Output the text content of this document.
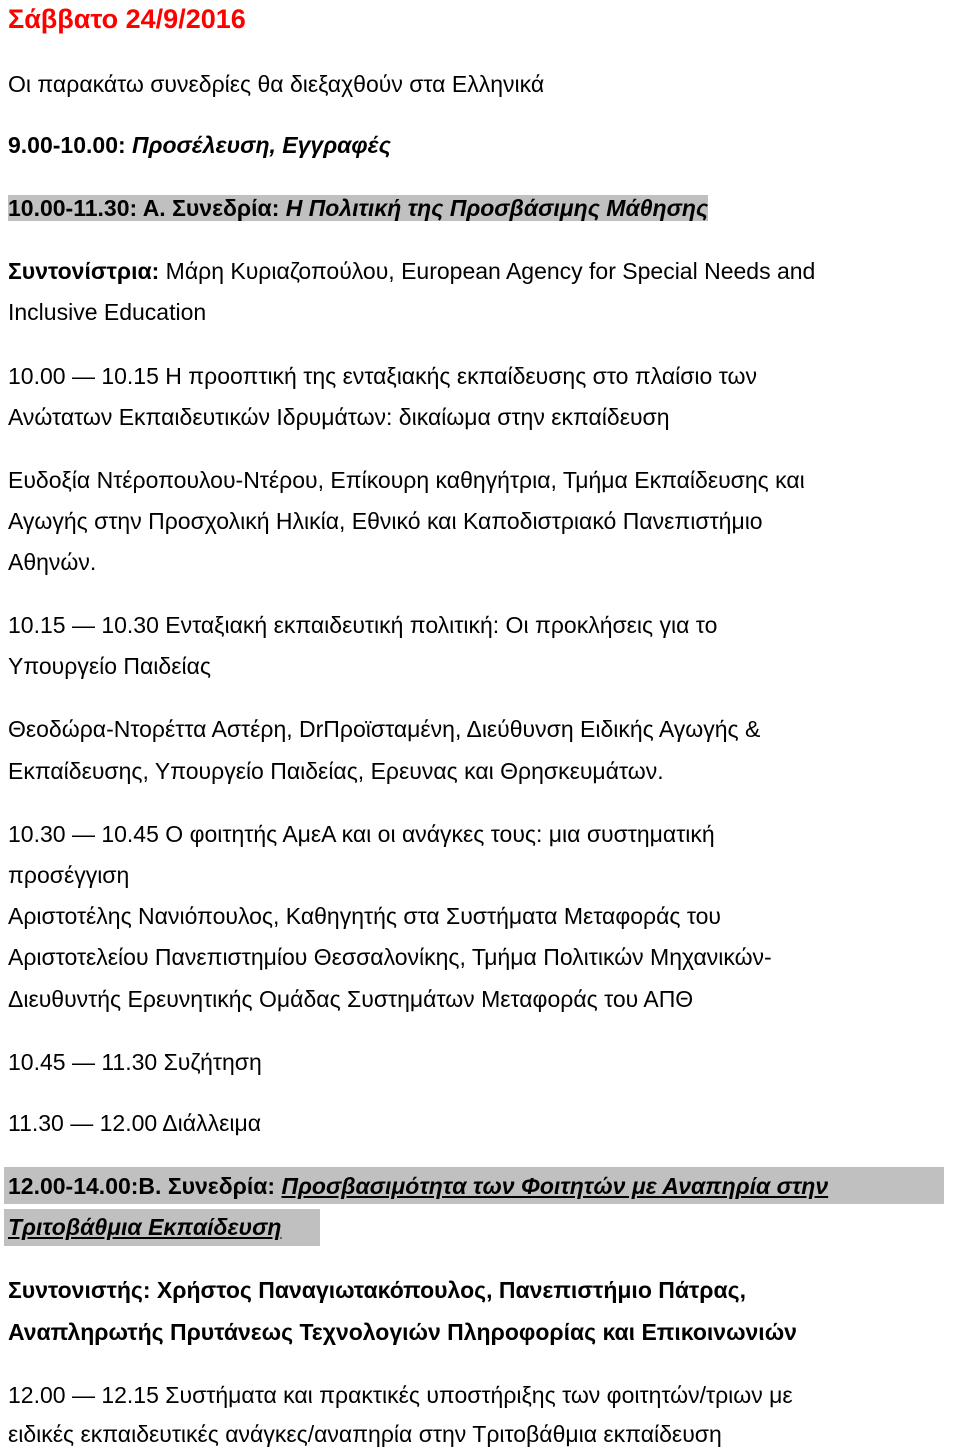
Σάββατο 24/9/2016
Οι παρακάτω συνεδρίες θα διεξαχθούν στα Ελληνικά
9.00-10.00: Προσέλευση, Εγγραφές
10.00-11.30: Α. Συνεδρία: Η Πολιτική της Προσβάσιμης Μάθησης
Συντονίστρια: Μάρη Κυριαζοπούλου, European Agency for Special Needs and
Inclusive Education
10.00 — 10.15 Η προοπτική της ενταξιακής εκπαίδευσης στο πλαίσιο των
Ανώτατων Εκπαιδευτικών Ιδρυμάτων: δικαίωμα στην εκπαίδευση
Ευδοξία Ντέροπουλου-Ντέρου, Επίκουρη καθηγήτρια, Τμήμα Εκπαίδευσης και
Αγωγής στην Προσχολική Ηλικία, Εθνικό και Καποδιστριακό Πανεπιστήμιο
Αθηνών.
10.15 — 10.30 Ενταξιακή εκπαιδευτική πολιτική: Οι προκλήσεις για το
Υπουργείο Παιδείας
Θεοδώρα-Ντορέττα Αστέρη, DrΠροϊσταμένη, Διεύθυνση Ειδικής Αγωγής &
Εκπαίδευσης, Υπουργείο Παιδείας, Ερευνας και Θρησκευμάτων.
10.30 — 10.45 Ο φοιτητής ΑμεΑ και οι ανάγκες τους: μια συστηματική
προσέγγιση
Αριστοτέλης Νανιόπουλος, Καθηγητής στα Συστήματα Μεταφοράς του
Αριστοτελείου Πανεπιστημίου Θεσσαλονίκης, Τμήμα Πολιτικών Μηχανικών-
Διευθυντής Ερευνητικής Ομάδας Συστημάτων Μεταφοράς του ΑΠΘ
10.45 — 11.30 Συζήτηση
11.30 — 12.00 Διάλλειμα
12.00-14.00:Β. Συνεδρία: Προσβασιμότητα των Φοιτητών με Αναπηρία στην
Τριτοβάθμια Εκπαίδευση
Συντονιστής: Χρήστος Παναγιωτακόπουλος, Πανεπιστήμιο Πάτρας,
Αναπληρωτής Πρυτάνεως Τεχνολογιών Πληροφορίας και Επικοινωνιών
12.00 — 12.15 Συστήματα και πρακτικές υποστήριξης των φοιτητών/τριων με
ειδικές εκπαιδευτικές ανάγκες/αναπηρία στην Τριτοβάθμια εκπαίδευση
